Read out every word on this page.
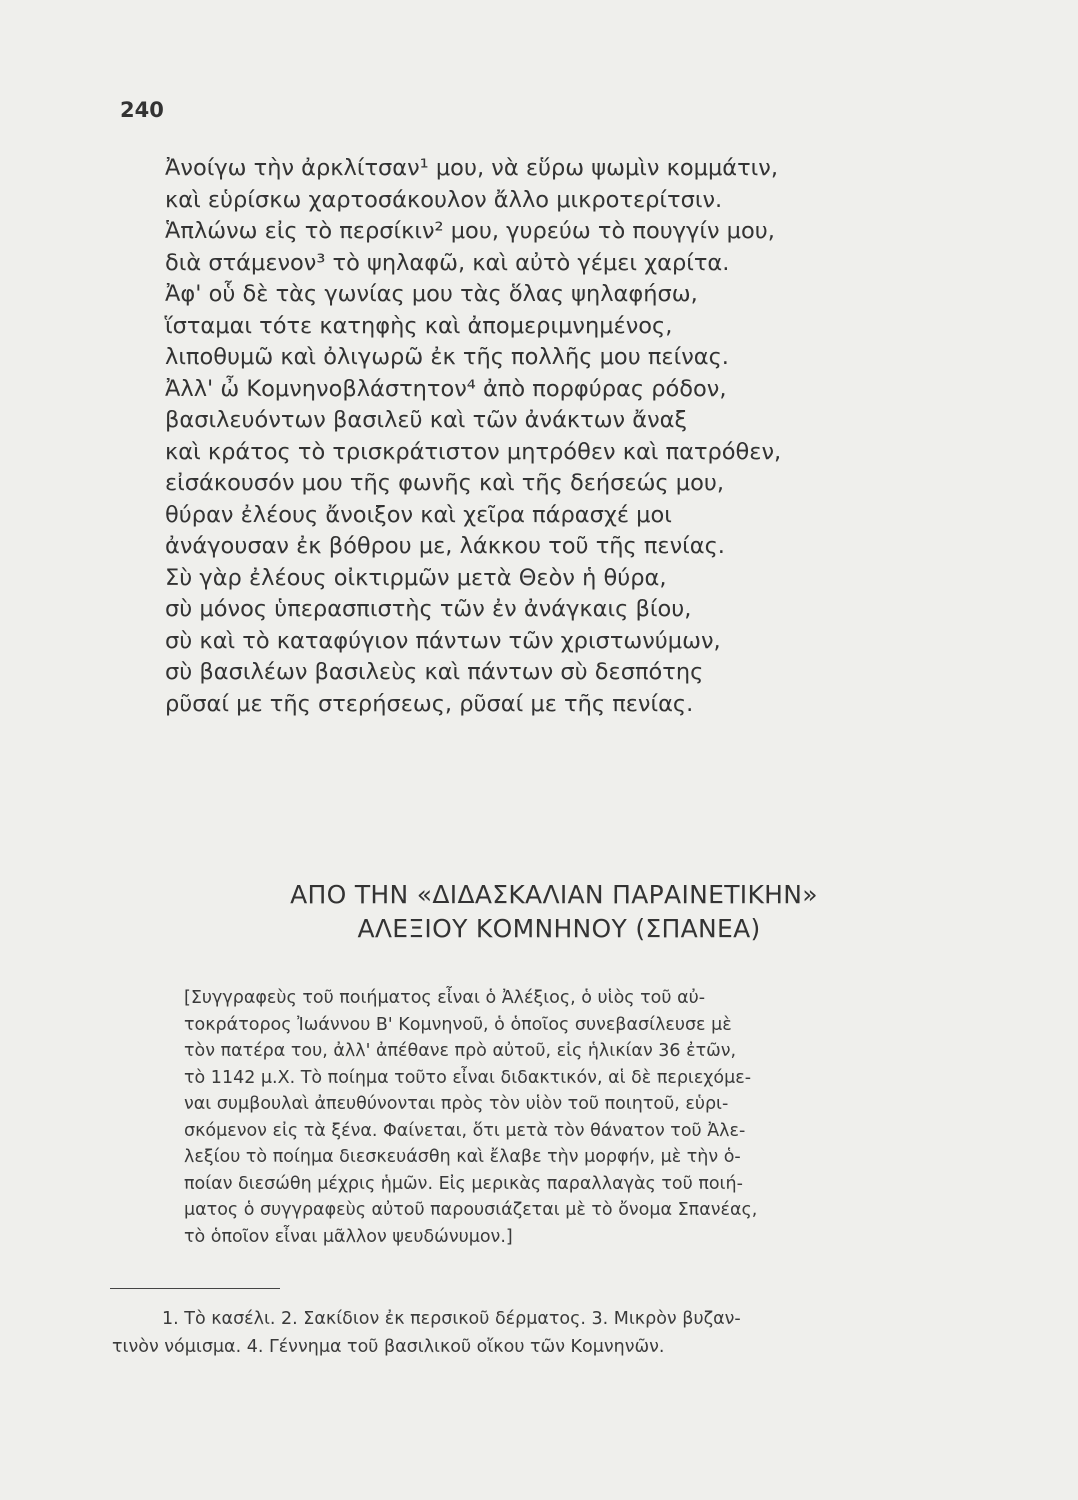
240
Ἀνοίγω τὴν ἀρκλίτσαν¹ μου, νὰ εὕρω ψωμὶν κομμάτιν,
καὶ εὑρίσκω χαρτοσάκουλον ἄλλο μικροτερίτσιν.
Ἁπλώνω εἰς τὸ περσίκιν² μου, γυρεύω τὸ πουγγίν μου,
διὰ στάμενον³ τὸ ψηλαφῶ, καὶ αὐτὸ γέμει χαρίτα.
Ἀφ' οὗ δὲ τὰς γωνίας μου τὰς ὅλας ψηλαφήσω,
ἵσταμαι τότε κατηφὴς καὶ ἀπομεριμνημένος,
λιποθυμῶ καὶ ὀλιγωρῶ ἐκ τῆς πολλῆς μου πείνας.
Ἀλλ' ὦ Κομνηνοβλάστητον⁴ ἀπὸ πορφύρας ρόδον,
βασιλευόντων βασιλεῦ καὶ τῶν ἀνάκτων ἄναξ
καὶ κράτος τὸ τρισκράτιστον μητρόθεν καὶ πατρόθεν,
εἰσάκουσόν μου τῆς φωνῆς καὶ τῆς δεήσεώς μου,
θύραν ἐλέους ἄνοιξον καὶ χεῖρα πάρασχέ μοι
ἀνάγουσαν ἐκ βόθρου με, λάκκου τοῦ τῆς πενίας.
Σὺ γὰρ ἐλέους οἰκτιρμῶν μετὰ Θεὸν ἡ θύρα,
σὺ μόνος ὑπερασπιστὴς τῶν ἐν ἀνάγκαις βίου,
σὺ καὶ τὸ καταφύγιον πάντων τῶν χριστωνύμων,
σὺ βασιλέων βασιλεὺς καὶ πάντων σὺ δεσπότης
ρῦσαί με τῆς στερήσεως, ρῦσαί με τῆς πενίας.
ΑΠΟ ΤΗΝ «ΔΙΔΑΣΚΑΛΙΑΝ ΠΑΡΑΙΝΕΤΙΚΗΝ»
ΑΛΕΞΙΟΥ ΚΟΜΝΗΝΟΥ (ΣΠΑΝΕΑ)
[Συγγραφεὺς τοῦ ποιήματος εἶναι ὁ Ἀλέξιος, ὁ υἱὸς τοῦ αὐ-
τοκράτορος Ἰωάννου Β' Κομνηνοῦ, ὁ ὁποῖος συνεβασίλευσε μὲ
τὸν πατέρα του, ἀλλ' ἀπέθανε πρὸ αὐτοῦ, εἰς ἡλικίαν 36 ἐτῶν,
τὸ 1142 μ.Χ. Τὸ ποίημα τοῦτο εἶναι διδακτικόν, αἱ δὲ περιεχόμε-
ναι συμβουλαὶ ἀπευθύνονται πρὸς τὸν υἱὸν τοῦ ποιητοῦ, εὑρι-
σκόμενον εἰς τὰ ξένα. Φαίνεται, ὅτι μετὰ τὸν θάνατον τοῦ Ἀλε-
λεξίου τὸ ποίημα διεσκευάσθη καὶ ἔλαβε τὴν μορφήν, μὲ τὴν ὁ-
ποίαν διεσώθη μέχρις ἡμῶν. Εἰς μερικὰς παραλλαγὰς τοῦ ποιή-
ματος ὁ συγγραφεὺς αὐτοῦ παρουσιάζεται μὲ τὸ ὄνομα Σπανέας,
τὸ ὁποῖον εἶναι μᾶλλον ψευδώνυμον.]
1. Τὸ κασέλι. 2. Σακίδιον ἐκ περσικοῦ δέρματος. 3. Μικρὸν βυζαν-
τινὸν νόμισμα. 4. Γέννημα τοῦ βασιλικοῦ οἴκου τῶν Κομνηνῶν.
